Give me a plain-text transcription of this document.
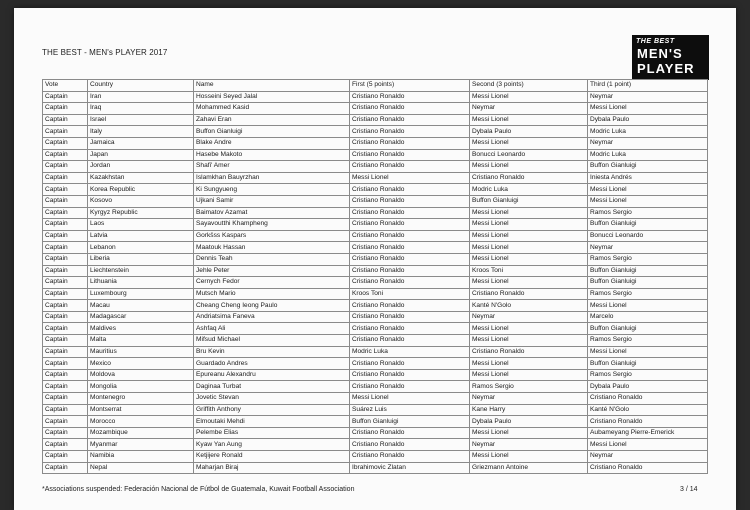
THE BEST - MEN's PLAYER 2017
THE BEST
MEN'S
PLAYER
Vote	Country	Name	First (5 points)	Second (3 points)	Third (1 point)
Captain	Iran	Hosseini Seyed Jalal	Cristiano Ronaldo	Messi Lionel	Neymar
Captain	Iraq	Mohammed Kasid	Cristiano Ronaldo	Neymar	Messi Lionel
Captain	Israel	Zahavi Eran	Cristiano Ronaldo	Messi Lionel	Dybala Paulo
Captain	Italy	Buffon Gianluigi	Cristiano Ronaldo	Dybala Paulo	Modric Luka
Captain	Jamaica	Blake Andre	Cristiano Ronaldo	Messi Lionel	Neymar
Captain	Japan	Hasebe Makoto	Cristiano Ronaldo	Bonucci Leonardo	Modric Luka
Captain	Jordan	Shafi' Amer	Cristiano Ronaldo	Messi Lionel	Buffon Gianluigi
Captain	Kazakhstan	Islamkhan Bauyrzhan	Messi Lionel	Cristiano Ronaldo	Iniesta Andrés
Captain	Korea Republic	Ki Sungyueng	Cristiano Ronaldo	Modric Luka	Messi Lionel
Captain	Kosovo	Ujkani Samir	Cristiano Ronaldo	Buffon Gianluigi	Messi Lionel
Captain	Kyrgyz Republic	Baimatov Azamat	Cristiano Ronaldo	Messi Lionel	Ramos Sergio
Captain	Laos	Sayavoutthi Khampheng	Cristiano Ronaldo	Messi Lionel	Buffon Gianluigi
Captain	Latvia	Gorkšss Kaspars	Cristiano Ronaldo	Messi Lionel	Bonucci Leonardo
Captain	Lebanon	Maatouk Hassan	Cristiano Ronaldo	Messi Lionel	Neymar
Captain	Liberia	Dennis Teah	Cristiano Ronaldo	Messi Lionel	Ramos Sergio
Captain	Liechtenstein	Jehle Peter	Cristiano Ronaldo	Kroos Toni	Buffon Gianluigi
Captain	Lithuania	Cernych Fedor	Cristiano Ronaldo	Messi Lionel	Buffon Gianluigi
Captain	Luxembourg	Mutsch Mario	Kroos Toni	Cristiano Ronaldo	Ramos Sergio
Captain	Macau	Cheang Cheng Ieong Paulo	Cristiano Ronaldo	Kanté N'Golo	Messi Lionel
Captain	Madagascar	Andriatsima Faneva	Cristiano Ronaldo	Neymar	Marcelo
Captain	Maldives	Ashfaq Ali	Cristiano Ronaldo	Messi Lionel	Buffon Gianluigi
Captain	Malta	Mifsud Michael	Cristiano Ronaldo	Messi Lionel	Ramos Sergio
Captain	Mauritius	Bru Kevin	Modric Luka	Cristiano Ronaldo	Messi Lionel
Captain	Mexico	Guardado Andres	Cristiano Ronaldo	Messi Lionel	Buffon Gianluigi
Captain	Moldova	Epureanu Alexandru	Cristiano Ronaldo	Messi Lionel	Ramos Sergio
Captain	Mongolia	Daginaa Turbat	Cristiano Ronaldo	Ramos Sergio	Dybala Paulo
Captain	Montenegro	Jovetic Stevan	Messi Lionel	Neymar	Cristiano Ronaldo
Captain	Montserrat	Griffith Anthony	Suárez Luis	Kane Harry	Kanté N'Golo
Captain	Morocco	Elmoutaki Mehdi	Buffon Gianluigi	Dybala Paulo	Cristiano Ronaldo
Captain	Mozambique	Pelembe Elias	Cristiano Ronaldo	Messi Lionel	Aubameyang Pierre-Emerick
Captain	Myanmar	Kyaw Yan Aung	Cristiano Ronaldo	Neymar	Messi Lionel
Captain	Namibia	Ketjijere Ronald	Cristiano Ronaldo	Messi Lionel	Neymar
Captain	Nepal	Maharjan Biraj	Ibrahimovic Zlatan	Griezmann Antoine	Cristiano Ronaldo
*Associations suspended: Federación Nacional de Fútbol de Guatemala, Kuwait Football Association	3 / 14
